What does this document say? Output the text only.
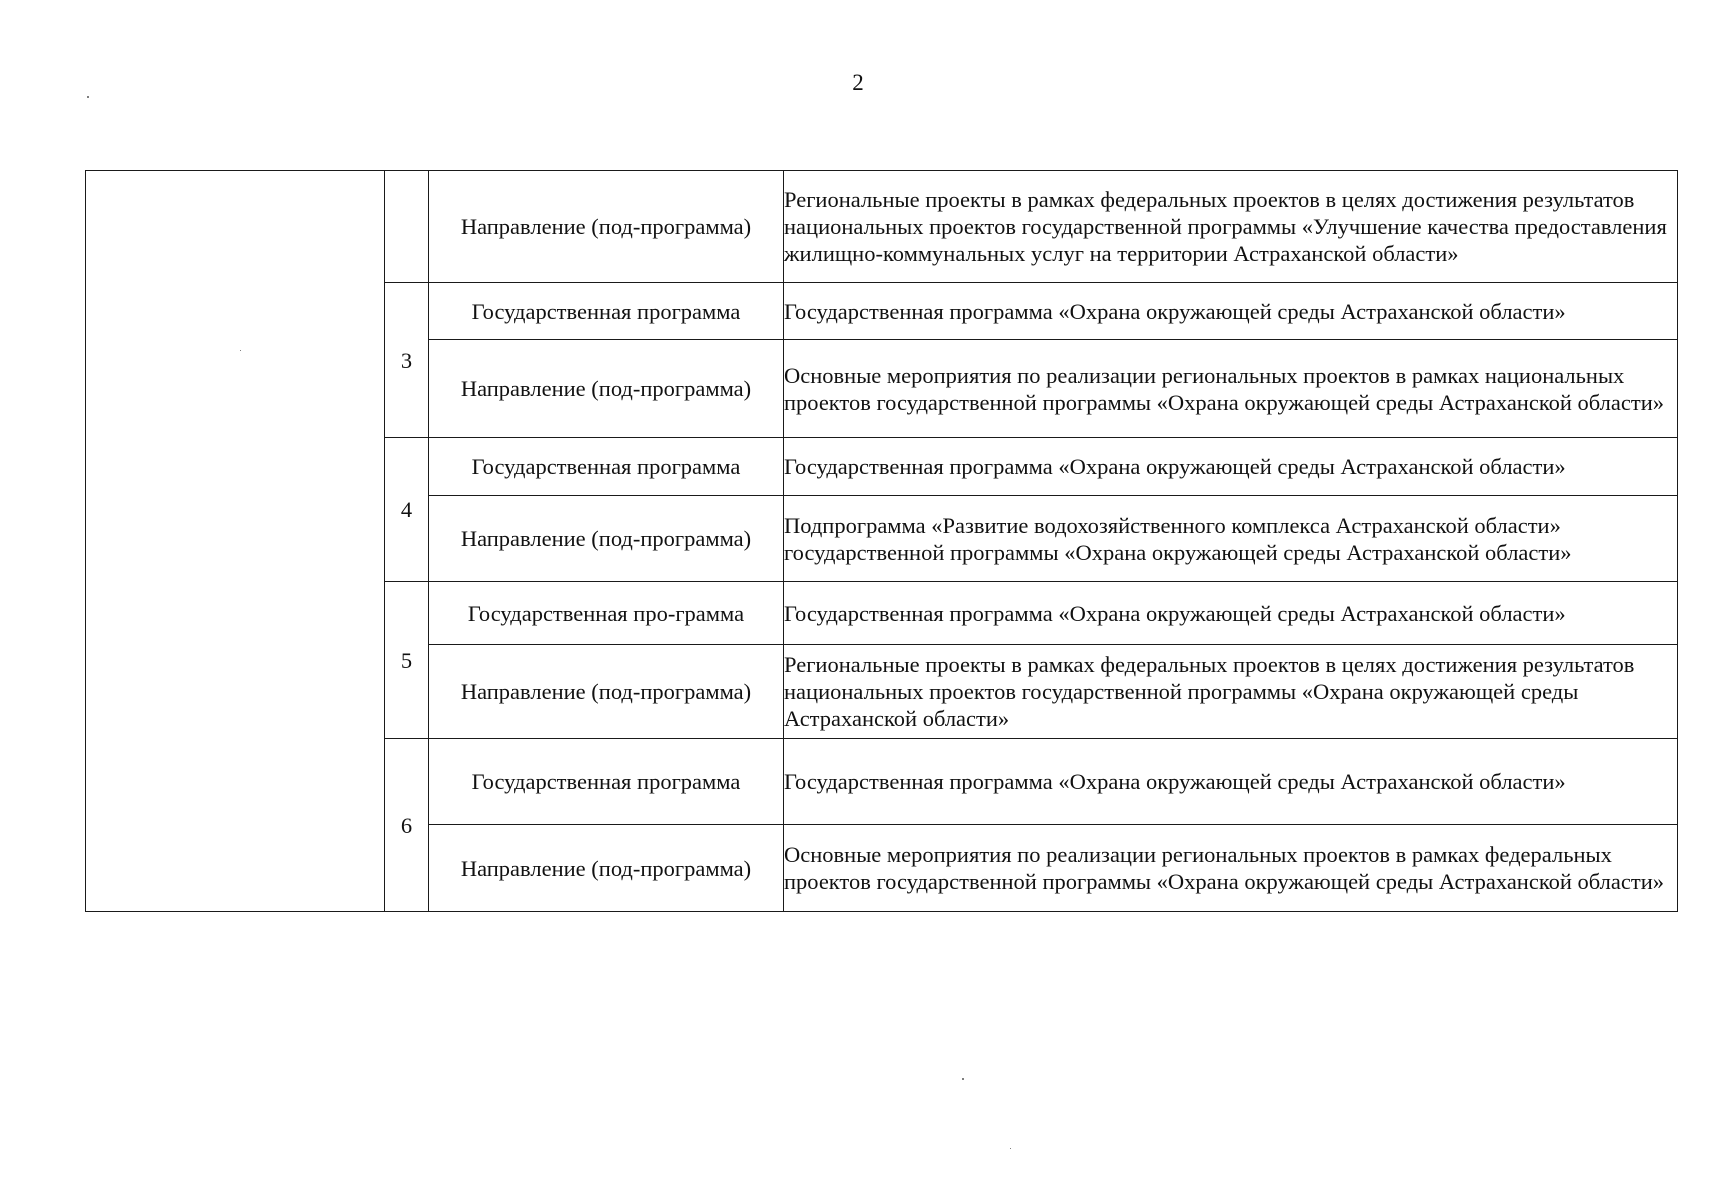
2
		Направление (под-программа)	Региональные проекты в рамках федеральных проектов в целях достижения результатов национальных проектов государственной программы «Улучшение качества предоставления жилищно-коммунальных услуг на территории Астраханской области»
	3	Государственная программа	Государственная программа «Охрана окружающей среды Астраханской области»
		Направление (под-программа)	Основные мероприятия по реализации региональных проектов в рамках национальных проектов государственной программы «Охрана окружающей среды Астраханской области»
	4	Государственная программа	Государственная программа «Охрана окружающей среды Астраханской области»
		Направление (под-программа)	Подпрограмма «Развитие водохозяйственного комплекса Астраханской области» государственной программы «Охрана окружающей среды Астраханской области»
	5	Государственная про-грамма	Государственная программа «Охрана окружающей среды Астраханской области»
		Направление (под-программа)	Региональные проекты в рамках федеральных проектов в целях достижения результатов национальных проектов государственной программы «Охрана окружающей среды Астраханской области»
	6	Государственная программа	Государственная программа «Охрана окружающей среды Астраханской области»
		Направление (под-программа)	Основные мероприятия по реализации региональных проектов в рамках федеральных проектов государственной программы «Охрана окружающей среды Астраханской области»
